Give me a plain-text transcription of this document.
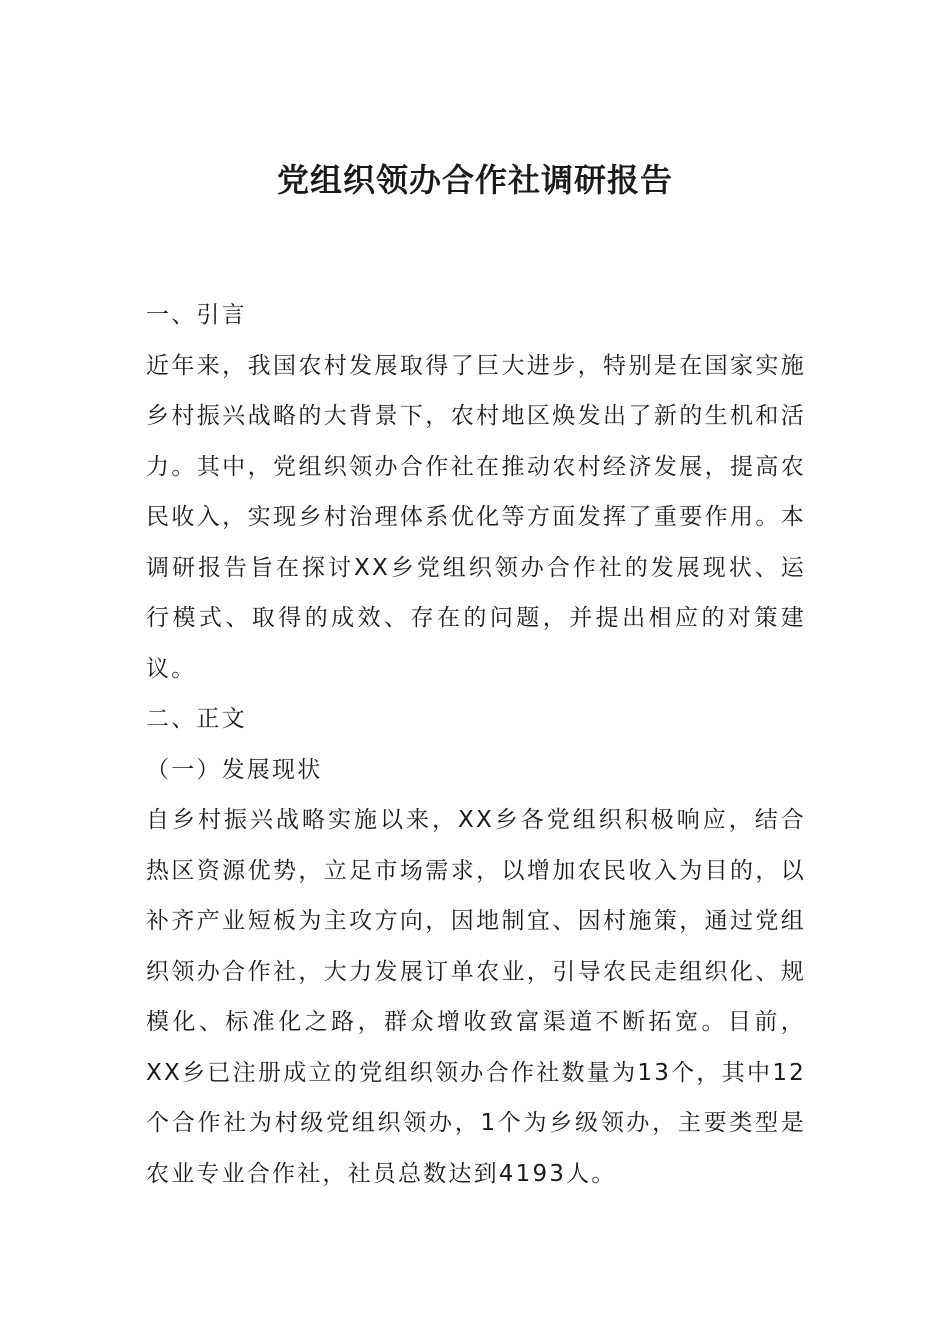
党组织领办合作社调研报告

一、引言

近年来，我国农村发展取得了巨大进步，特别是在国家实施乡村振兴战略的大背景下，农村地区焕发出了新的生机和活力。其中，党组织领办合作社在推动农村经济发展，提高农民收入，实现乡村治理体系优化等方面发挥了重要作用。本调研报告旨在探讨XX乡党组织领办合作社的发展现状、运行模式、取得的成效、存在的问题，并提出相应的对策建议。

二、正文

（一）发展现状

自乡村振兴战略实施以来，XX乡各党组织积极响应，结合热区资源优势，立足市场需求，以增加农民收入为目的，以补齐产业短板为主攻方向，因地制宜、因村施策，通过党组织领办合作社，大力发展订单农业，引导农民走组织化、规模化、标准化之路，群众增收致富渠道不断拓宽。目前，XX乡已注册成立的党组织领办合作社数量为13个，其中12个合作社为村级党组织领办，1个为乡级领办，主要类型是农业专业合作社，社员总数达到4193人。
